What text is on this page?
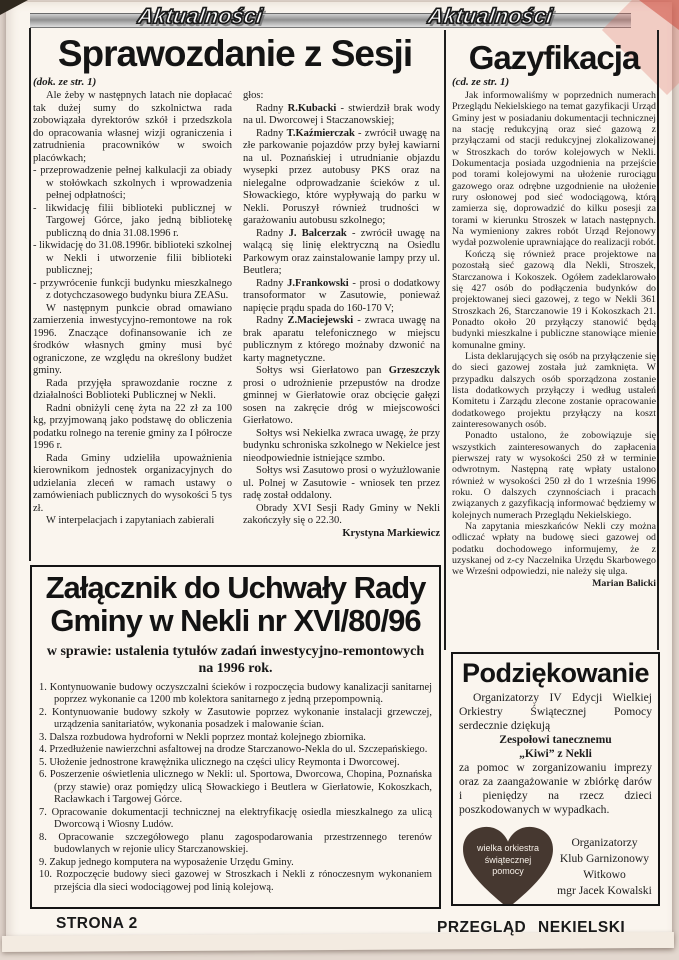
Aktualności	Aktualności
Sprawozdanie z Sesji	Gazyfikacja
(dok. ze str. 1)	(cd. ze str. 1)

Ale żeby w następnych latach nie dopłacać tak dużej sumy do szkolnictwa rada zobowiązała dyrektorów szkół i przedszkola do opracowania własnej wizji ograniczenia i zatrudnienia pracowników w swoich placówkach;

- przeprowadzenie pełnej kalkulacji za obiady w stołówkach szkolnych i wprowadzenia pełnej odpłatności;

- likwidację filii biblioteki publicznej w Targowej Górce, jako jedną bibliotekę publiczną do dnia 31.08.1996 r.

- likwidację do 31.08.1996r. biblioteki szkolnej w Nekli i utworzenie filii biblioteki publicznej;

- przywrócenie funkcji budynku mieszkalnego z dotychczasowego budynku biura ZEASu.

W następnym punkcie obrad omawiano zamierzenia inwestycyjno-remontowe na rok 1996. Znaczące dofinansowanie ich ze środków własnych gminy musi być ograniczone, ze względu na określony budżet gminy.

Rada przyjęła sprawozdanie roczne z działalności Boblioteki Publicznej w Nekli.

Radni obniżyli cenę żyta na 22 zł za 100 kg, przyjmowaną jako podstawę do obliczenia podatku rolnego na terenie gminy za I półrocze 1996 r.

Rada Gminy udzieliła upoważnienia kierownikom jednostek organizacyjnych do udzielania zleceń w ramach ustawy o zamówieniach publicznych do wysokości 5 tys zł.

W interpelacjach i zapytaniach zabierali

głos:

Radny R.Kubacki - stwierdził brak wody na ul. Dworcowej i Staczanowskiej;

Radny T.Kaźmierczak - zwrócił uwagę na złe parkowanie pojazdów przy byłej kawiarni na ul. Poznańskiej i utrudnianie objazdu wysepki przez autobusy PKS oraz na nielegalne odprowadzanie ścieków z ul. Słowackiego, które wypływają do parku w Nekli. Poruszył również trudności w garażowaniu autobusu szkolnego;

Radny J. Balcerzak - zwrócił uwagę na walącą się linię elektryczną na Osiedlu Parkowym oraz zainstalowanie lampy przy ul. Beutlera;

Radny J.Frankowski - prosi o dodatkowy transoformator w Zasutowie, ponieważ napięcie prądu spada do 160-170 V;

Radny Z.Maciejewski - zwraca uwagę na brak aparatu telefonicznego w miejscu publicznym z którego możnaby dzwonić na karty magnetyczne.

Sołtys wsi Gierłatowo pan Grzeszczyk prosi o udrożnienie przepustów na drodze gminnej w Gierłatowie oraz obcięcie gałęzi sosen na zakręcie dróg w miejscowości Gierłatowo.

Sołtys wsi Nekielka zwraca uwagę, że przy budynku schroniska szkolnego w Nekielce jest nieodpowiednie istniejące szmbo.

Sołtys wsi Zasutowo prosi o wyżużlowanie ul. Polnej w Zasutowie - wniosek ten przez radę został oddalony.

Obrady XVI Sesji Rady Gminy w Nekli zakończyły się o 22.30.

Krystyna Markiewicz

Jak informowaliśmy w poprzednich numerach Przeglądu Nekielskiego na temat gazyfikacji Urząd Gminy jest w posiadaniu dokumentacji technicznej na stację redukcyjną oraz sieć gazową z przyłączami od stacji redukcyjnej zlokalizowanej w Stroszkach do torów kolejowych w Nekli. Dokumentacja posiada uzgodnienia na przejście pod torami kolejowymi na ułożenie rurociągu gazowego oraz odrębne uzgodnienie na ułożenie rury osłonowej pod sieć wodociągową, którą zamierza się, doprowadzić do kilku posesji za torami w kierunku Stroszek w latach następnych. Na wymieniony zakres robót Urząd Rejonowy wydał pozwolenie uprawniające do realizacji robót.

Kończą się również prace projektowe na pozostałą sieć gazową dla Nekli, Stroszek, Starczanowa i Kokoszek. Ogółem zadeklarowało się 427 osób do podłączenia budynków do projektowanej sieci gazowej, z tego w Nekli 361 Stroszkach 26, Starczanowie 19 i Kokoszkach 21. Ponadto około 20 przyłączy stanowić będą budynki mieszkalne i publiczne stanowiące mienie komunalne gminy.

Lista deklarujących się osób na przyłączenie się do sieci gazowej została już zamknięta. W przypadku dalszych osób sporządzona zostanie lista dodatkowych przyłączy i według ustaleń Komitetu i Zarządu zlecone zostanie opracowanie dodatkowego projektu przyłączy na koszt zainteresowanych osób.

Ponadto ustalono, że zobowiązuje się wszystkich zainteresowanych do zapłacenia pierwszej raty w wysokości 250 zł w terminie odwrotnym. Następną ratę wpłaty ustalono również w wysokości 250 zł do 1 września 1996 roku. O dalszych czynnościach i pracach związanych z gazyfikacją informować będziemy w kolejnych numerach Przeglądu Nekielskiego.

Na zapytania mieszkańców Nekli czy można odliczać wpłaty na budowę sieci gazowej od podatku dochodowego informujemy, że z uzyskanej od z-cy Naczelnika Urzędu Skarbowego we Wrześni odpowiedzi, nie należy się ulga.

Marian Balicki

Załącznik do Uchwały Rady
Gminy w Nekli nr XVI/80/96
w sprawie: ustalenia tytułów zadań inwestycyjno-remontowych
na 1996 rok.

1. Kontynuowanie budowy oczyszczalni ścieków i rozpoczęcia budowy kanalizacji sanitarnej poprzez wykonanie ca 1200 mb kolektora sanitarnego z jedną przepompownią.

2. Kontynuowanie budowy szkoły w Zasutowie poprzez wykonanie instalacji grzewczej, urządzenia sanitariatów, wykonania posadzek i malowanie ścian.

3. Dalsza rozbudowa hydroforni w Nekli poprzez montaż kolejnego zbiornika.

4. Przedłużenie nawierzchni asfaltowej na drodze Starczanowo-Nekla do ul. Szczepańskiego.

5. Ułożenie jednostrone krawężnika ulicznego na części ulicy Reymonta i Dworcowej.

6. Poszerzenie oświetlenia ulicznego w Nekli: ul. Sportowa, Dworcowa, Chopina, Poznańska (przy stawie) oraz pomiędzy ulicą Słowackiego i Beutlera w Gierłatowie, Kokoszkach, Racławkach i Targowej Górce.

7. Opracowanie dokumentacji technicznej na elektryfikację osiedla mieszkalnego za ulicą Dworcową i Wiosny Ludów.

8. Opracowanie szczegółowego planu zagospodarowania przestrzennego terenów budowlanych w rejonie ulicy Starczanowskiej.

9. Zakup jednego komputera na wyposażenie Urzędu Gminy.

10. Rozpoczęcie budowy sieci gazowej w Stroszkach i Nekli z rónoczesnym wykonaniem przejścia dla sieci wodociągowej pod linią kolejową.

Podziękowanie

Organizatorzy IV Edycji Wielkiej Orkiestry Świątecznej Pomocy serdecznie dziękują

Zespołowi tanecznemu

„Kiwi” z Nekli

za pomoc w zorganizowaniu imprezy oraz za zaangażowanie w zbiórkę darów i pieniędzy na rzecz dzieci poszkodowanych w wypadkach.

wielka orkiestra
świątecznej
pomocy
Organizatorzy
Klub Garnizonowy
Witkowo
mgr Jacek Kowalski
STRONA 2	PRZEGLĄD NEKIELSKI
